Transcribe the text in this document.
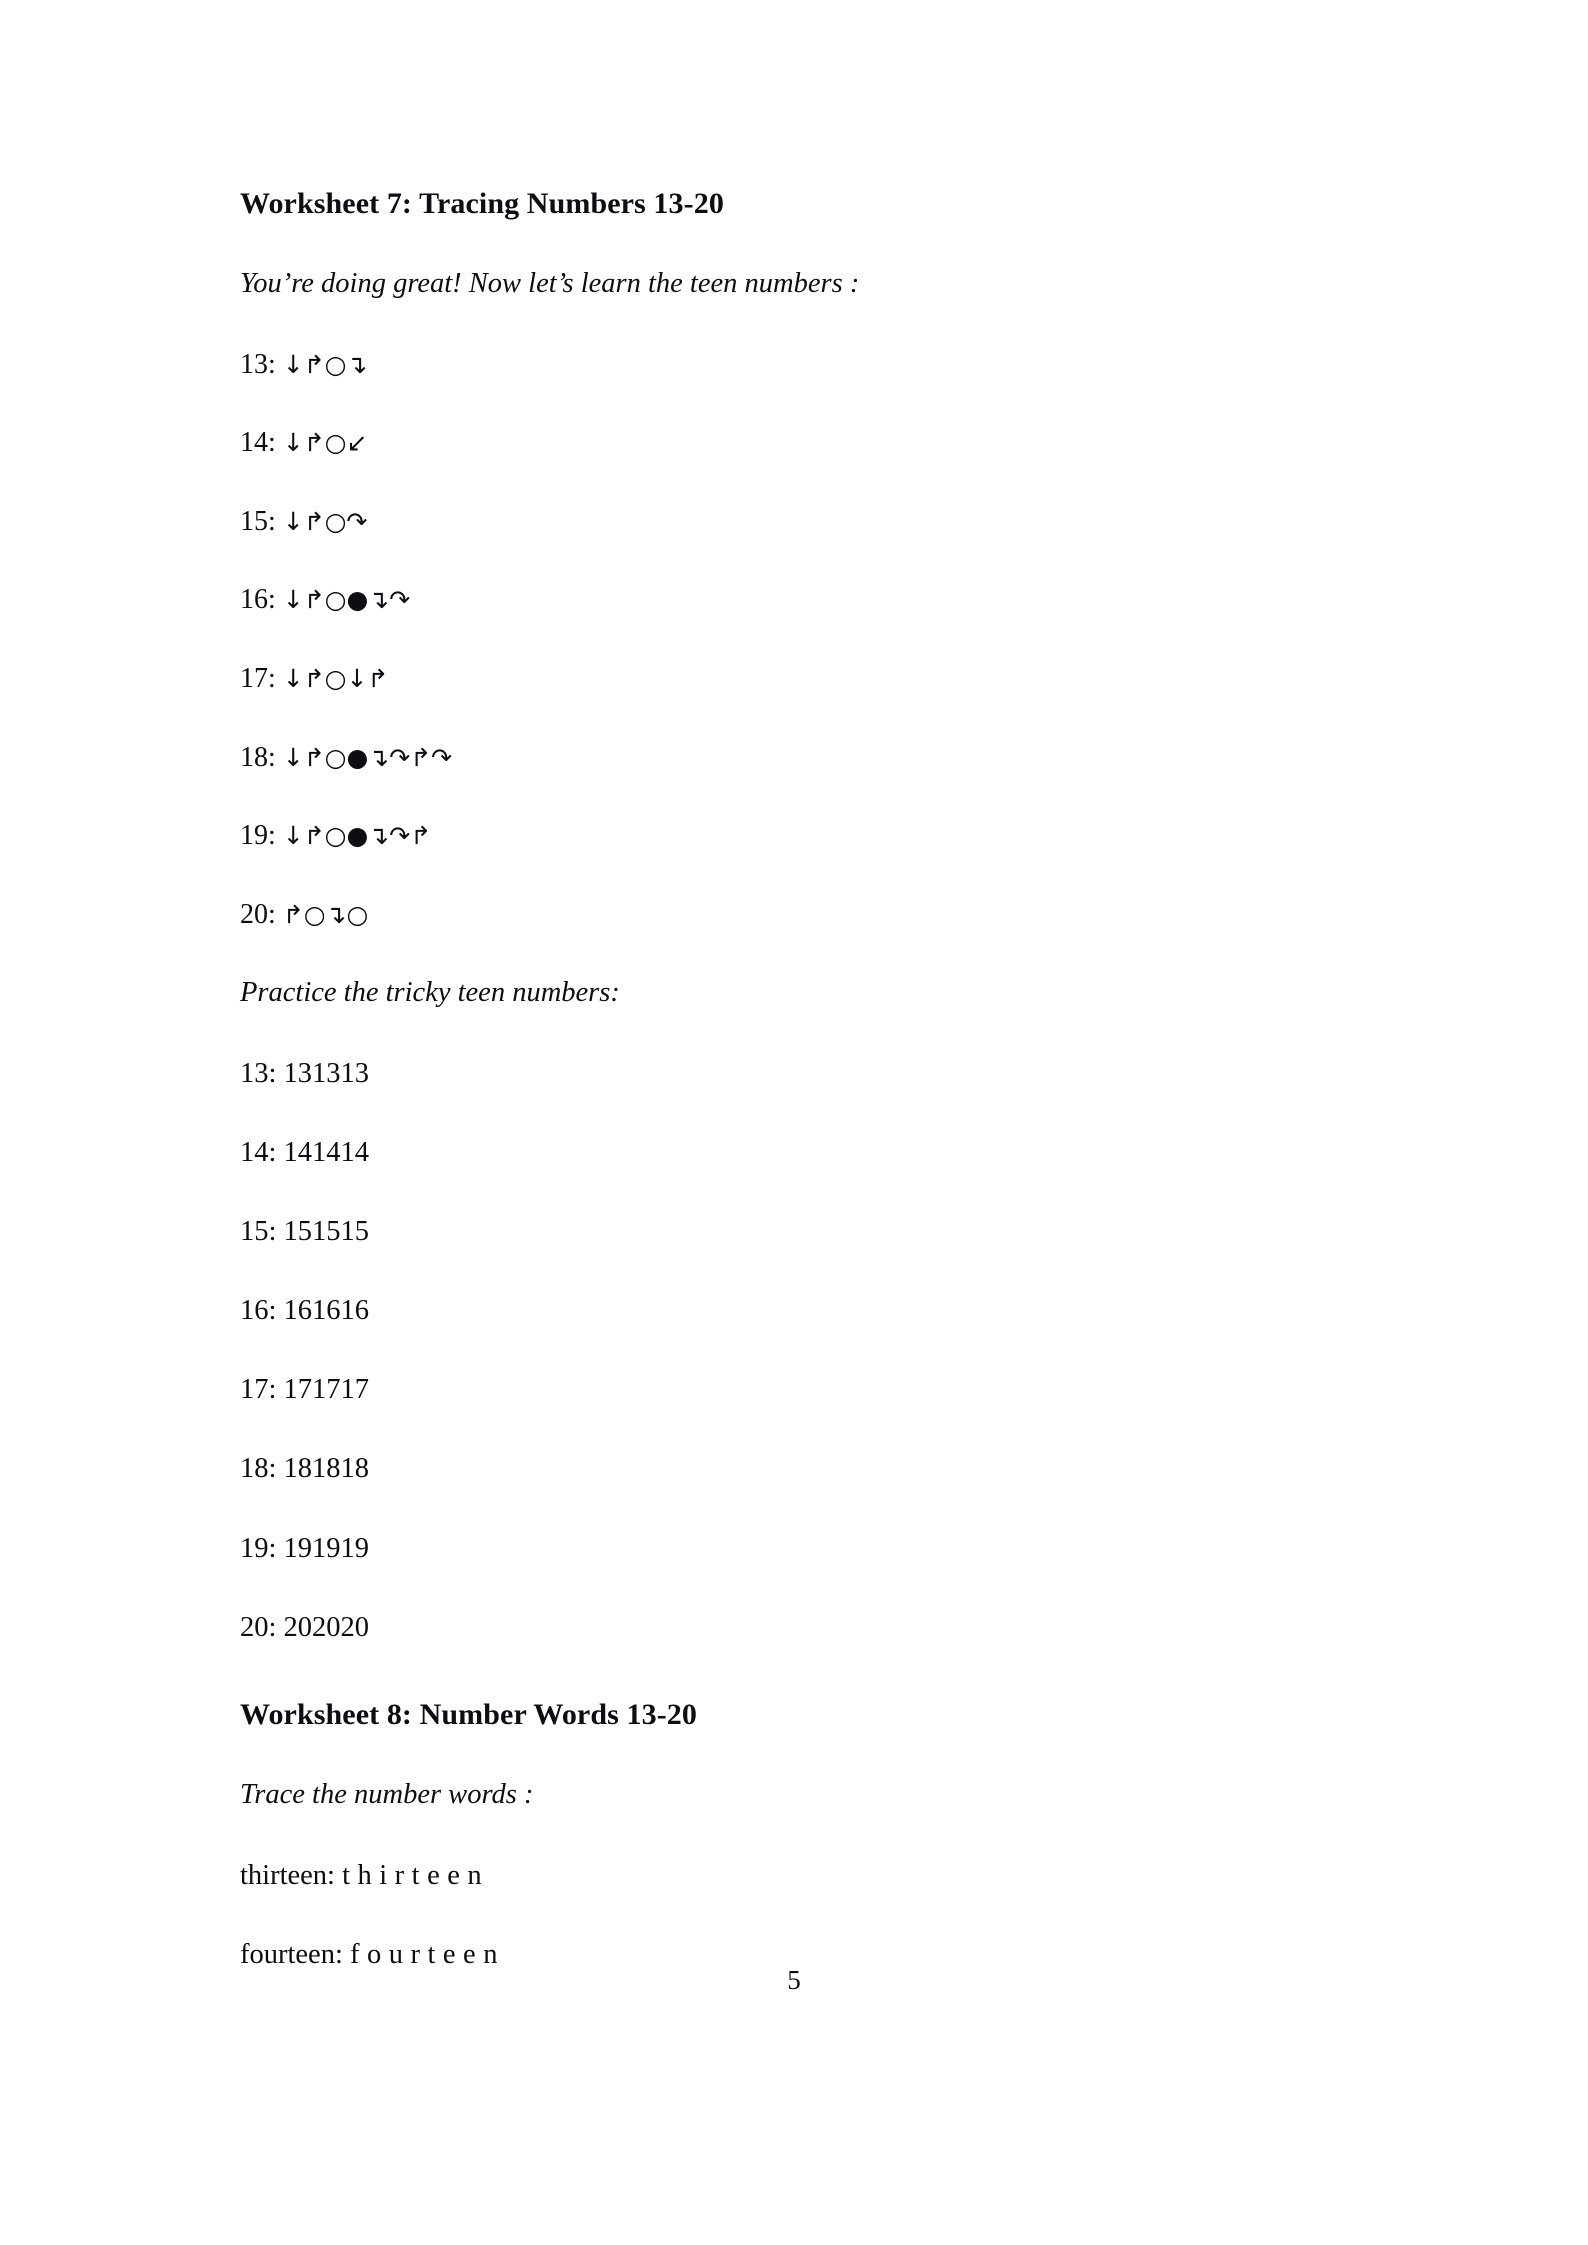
Worksheet 7: Tracing Numbers 13-20
You’re doing great! Now let’s learn the teen numbers :
13: ↓↱○↴
14: ↓↱○↙
15: ↓↱○↷
16: ↓↱○●↴↷
17: ↓↱○↓↱
18: ↓↱○●↴↷↱↷
19: ↓↱○●↴↷↱
20: ↱○↴○
Practice the tricky teen numbers:
13: 131313
14: 141414
15: 151515
16: 161616
17: 171717
18: 181818
19: 191919
20: 202020
Worksheet 8: Number Words 13-20
Trace the number words :
thirteen: thirteen
fourteen: fourteen
5
